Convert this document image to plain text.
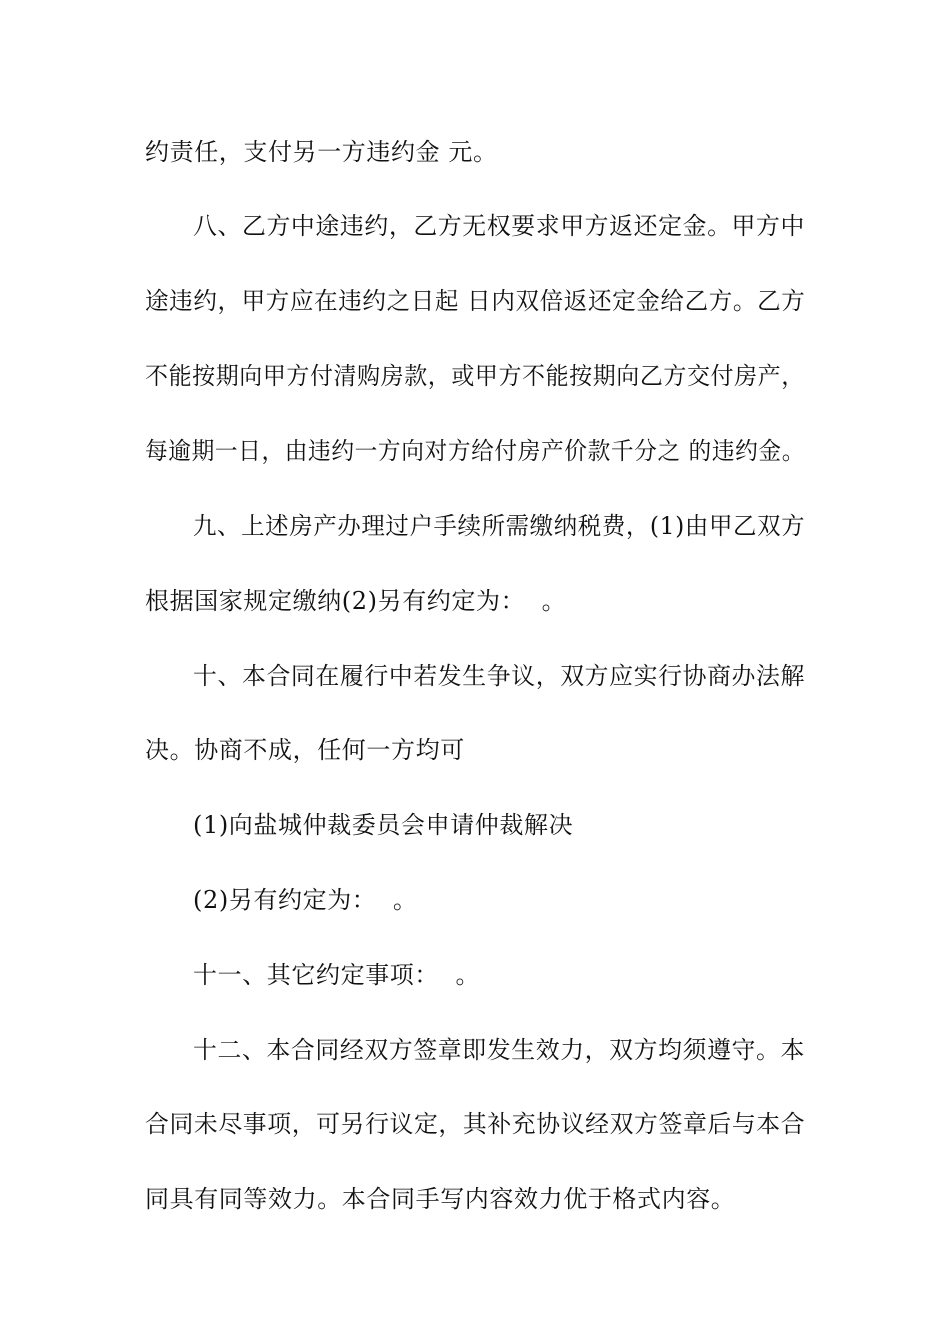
约责任，支付另一方违约金 元。
八、乙方中途违约，乙方无权要求甲方返还定金。甲方中
途违约，甲方应在违约之日起 日内双倍返还定金给乙方。乙方
不能按期向甲方付清购房款，或甲方不能按期向乙方交付房产，
每逾期一日，由违约一方向对方给付房产价款千分之 的违约金。
九、上述房产办理过户手续所需缴纳税费，(1)由甲乙双方
根据国家规定缴纳(2)另有约定为：  。
十、本合同在履行中若发生争议，双方应实行协商办法解
决。协商不成，任何一方均可
(1)向盐城仲裁委员会申请仲裁解决
(2)另有约定为：  。
十一、其它约定事项：  。
十二、本合同经双方签章即发生效力，双方均须遵守。本
合同未尽事项，可另行议定，其补充协议经双方签章后与本合
同具有同等效力。本合同手写内容效力优于格式内容。
